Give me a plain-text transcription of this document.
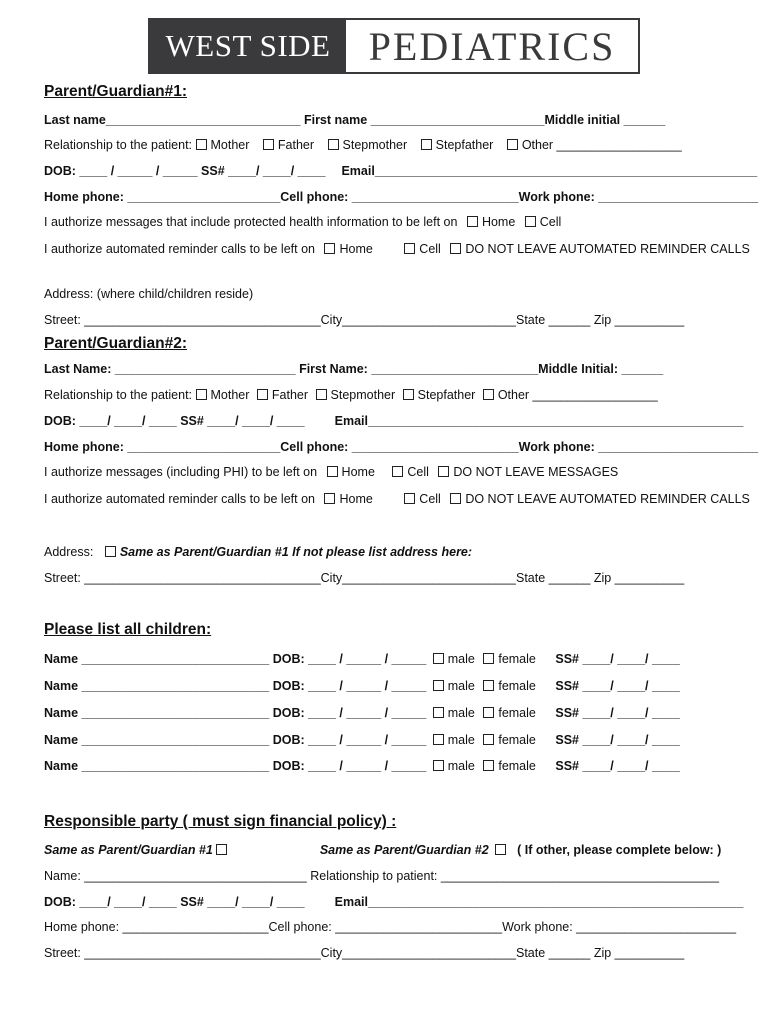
WEST SIDE PEDIATRICS
Parent/Guardian#1:
Last name____________________________ First name _________________________Middle initial ______
Relationship to the patient: Mother Father Stepmother Stepfather Other __________________
DOB: ____ / _____ / _____ SS# ____/ ____/ ____ Email_______________________________________________________
Home phone: ______________________Cell phone: ________________________Work phone: _______________________
I authorize messages that include protected health information to be left on Home Cell
I authorize automated reminder calls to be left on Home	Cell DO NOT LEAVE AUTOMATED REMINDER CALLS
Address: (where child/children reside)
Street: __________________________________City_________________________State ______ Zip __________
Parent/Guardian#2:
Last Name: __________________________ First Name: ________________________Middle Initial: ______
Relationship to the patient: Mother Father Stepmother Stepfather Other __________________
DOB: ____/ ____/ ____ SS# ____/ ____/ ____ Email______________________________________________________
Home phone: ______________________Cell phone: ________________________Work phone: _______________________
I authorize messages (including PHI) to be left on Home	Cell DO NOT LEAVE MESSAGES
I authorize automated reminder calls to be left on Home	Cell DO NOT LEAVE AUTOMATED REMINDER CALLS
Address: Same as Parent/Guardian #1 If not please list address here:
Street: __________________________________City_________________________State ______ Zip __________
Please list all children:
Name ___________________________ DOB: ____ / _____ / _____ male female SS# ____/ ____/ ____
Name ___________________________ DOB: ____ / _____ / _____ male female SS# ____/ ____/ ____
Name ___________________________ DOB: ____ / _____ / _____ male female SS# ____/ ____/ ____
Name ___________________________ DOB: ____ / _____ / _____ male female SS# ____/ ____/ ____
Name ___________________________ DOB: ____ / _____ / _____ male female SS# ____/ ____/ ____
Responsible party ( must sign financial policy) :
Same as Parent/Guardian #1	Same as Parent/Guardian #2 ( If other, please complete below: )
Name: ________________________________ Relationship to patient: ________________________________________
DOB: ____/ ____/ ____ SS# ____/ ____/ ____ Email______________________________________________________
Home phone: _____________________Cell phone: ________________________Work phone: _______________________
Street: __________________________________City_________________________State ______ Zip __________
